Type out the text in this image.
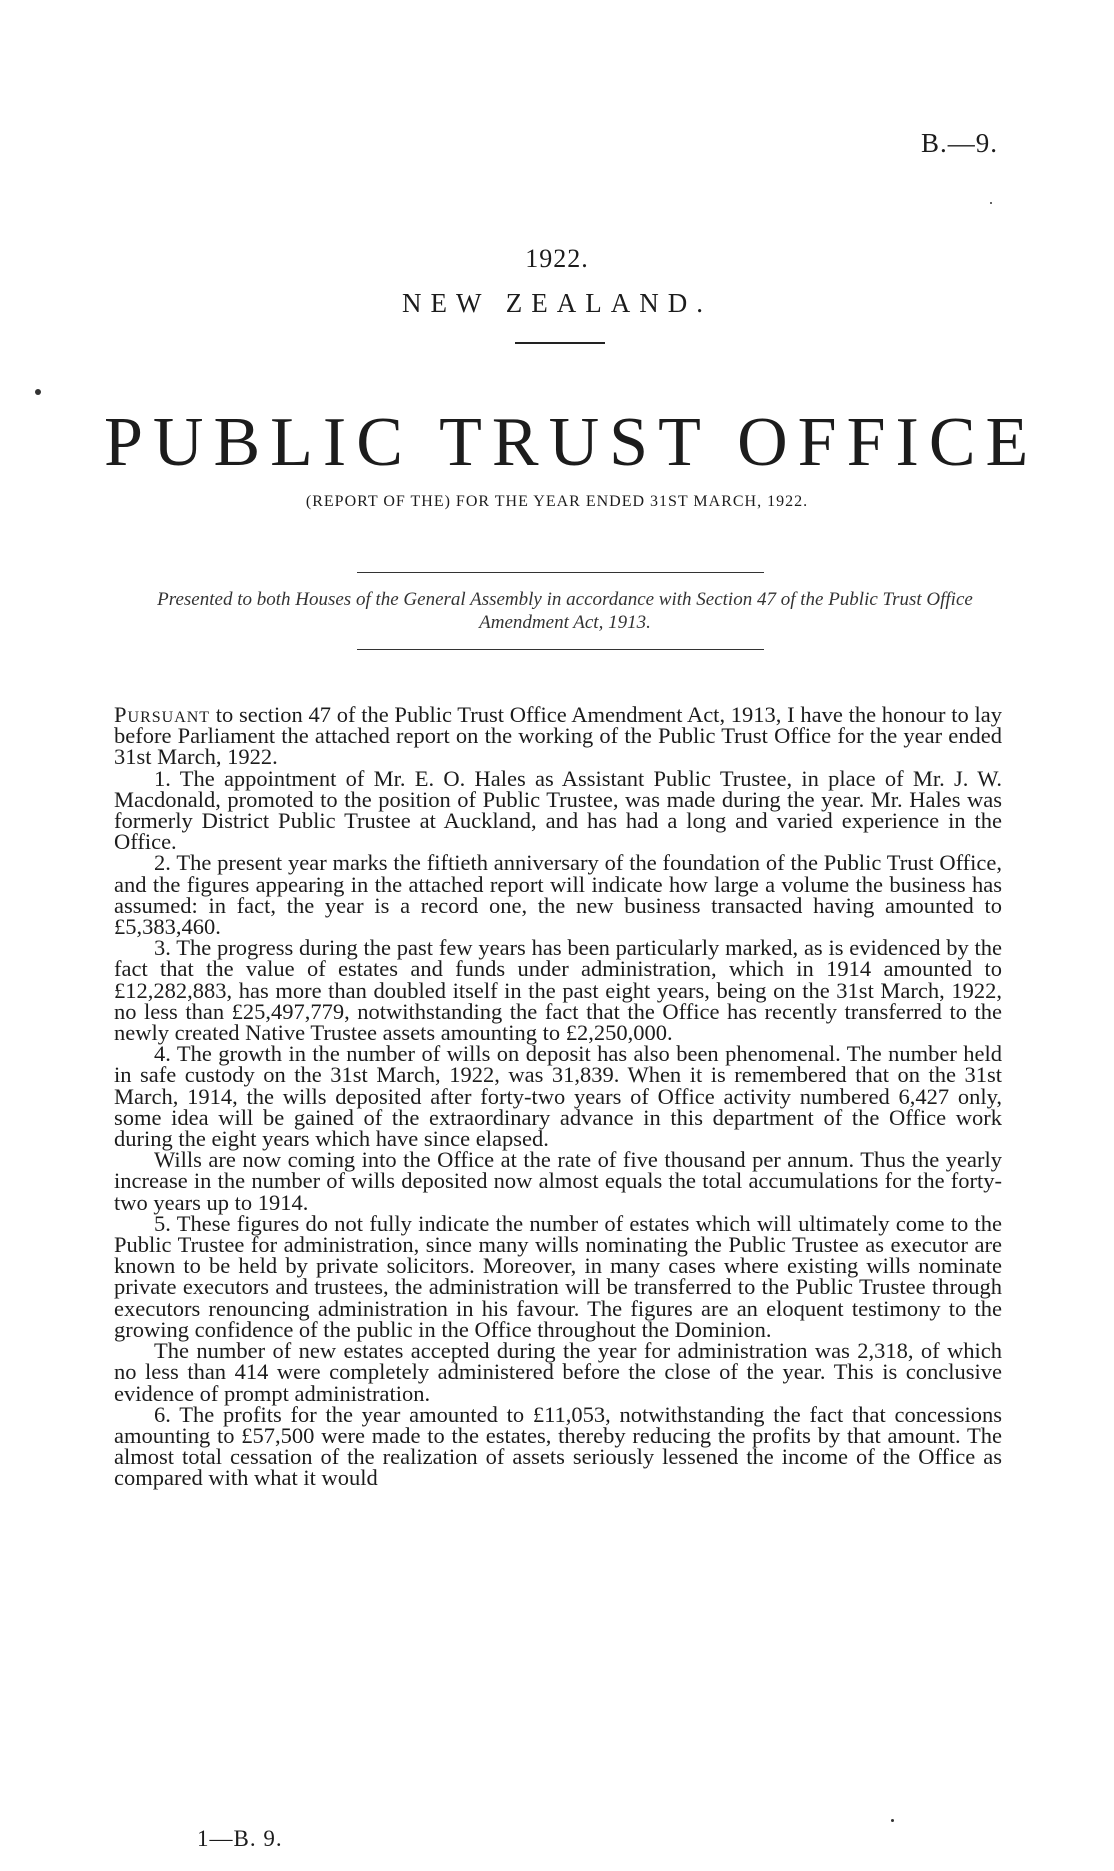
B.—9.
1922.
NEW ZEALAND.
PUBLIC TRUST OFFICE
(REPORT OF THE) FOR THE YEAR ENDED 31ST MARCH, 1922.
Presented to both Houses of the General Assembly in accordance with Section 47 of the Public Trust Office Amendment Act, 1913.

Pursuant to section 47 of the Public Trust Office Amendment Act, 1913, I have the honour to lay before Parliament the attached report on the working of the Public Trust Office for the year ended 31st March, 1922.

1. The appointment of Mr. E. O. Hales as Assistant Public Trustee, in place of Mr. J. W. Macdonald, promoted to the position of Public Trustee, was made during the year. Mr. Hales was formerly District Public Trustee at Auckland, and has had a long and varied experience in the Office.

2. The present year marks the fiftieth anniversary of the foundation of the Public Trust Office, and the figures appearing in the attached report will indicate how large a volume the business has assumed: in fact, the year is a record one, the new business transacted having amounted to £5,383,460.

3. The progress during the past few years has been particularly marked, as is evidenced by the fact that the value of estates and funds under administration, which in 1914 amounted to £12,282,883, has more than doubled itself in the past eight years, being on the 31st March, 1922, no less than £25,497,779, notwithstanding the fact that the Office has recently transferred to the newly created Native Trustee assets amounting to £2,250,000.

4. The growth in the number of wills on deposit has also been phenomenal. The number held in safe custody on the 31st March, 1922, was 31,839. When it is remembered that on the 31st March, 1914, the wills deposited after forty-two years of Office activity numbered 6,427 only, some idea will be gained of the extraordinary advance in this department of the Office work during the eight years which have since elapsed.

Wills are now coming into the Office at the rate of five thousand per annum. Thus the yearly increase in the number of wills deposited now almost equals the total accumulations for the forty-two years up to 1914.

5. These figures do not fully indicate the number of estates which will ultimately come to the Public Trustee for administration, since many wills nominating the Public Trustee as executor are known to be held by private solicitors. Moreover, in many cases where existing wills nominate private executors and trustees, the administration will be transferred to the Public Trustee through executors renouncing administration in his favour. The figures are an eloquent testimony to the growing confidence of the public in the Office throughout the Dominion.

The number of new estates accepted during the year for administration was 2,318, of which no less than 414 were completely administered before the close of the year. This is conclusive evidence of prompt administration.

6. The profits for the year amounted to £11,053, notwithstanding the fact that concessions amounting to £57,500 were made to the estates, thereby reducing the profits by that amount. The almost total cessation of the realization of assets seriously lessened the income of the Office as compared with what it would

1—B. 9.
